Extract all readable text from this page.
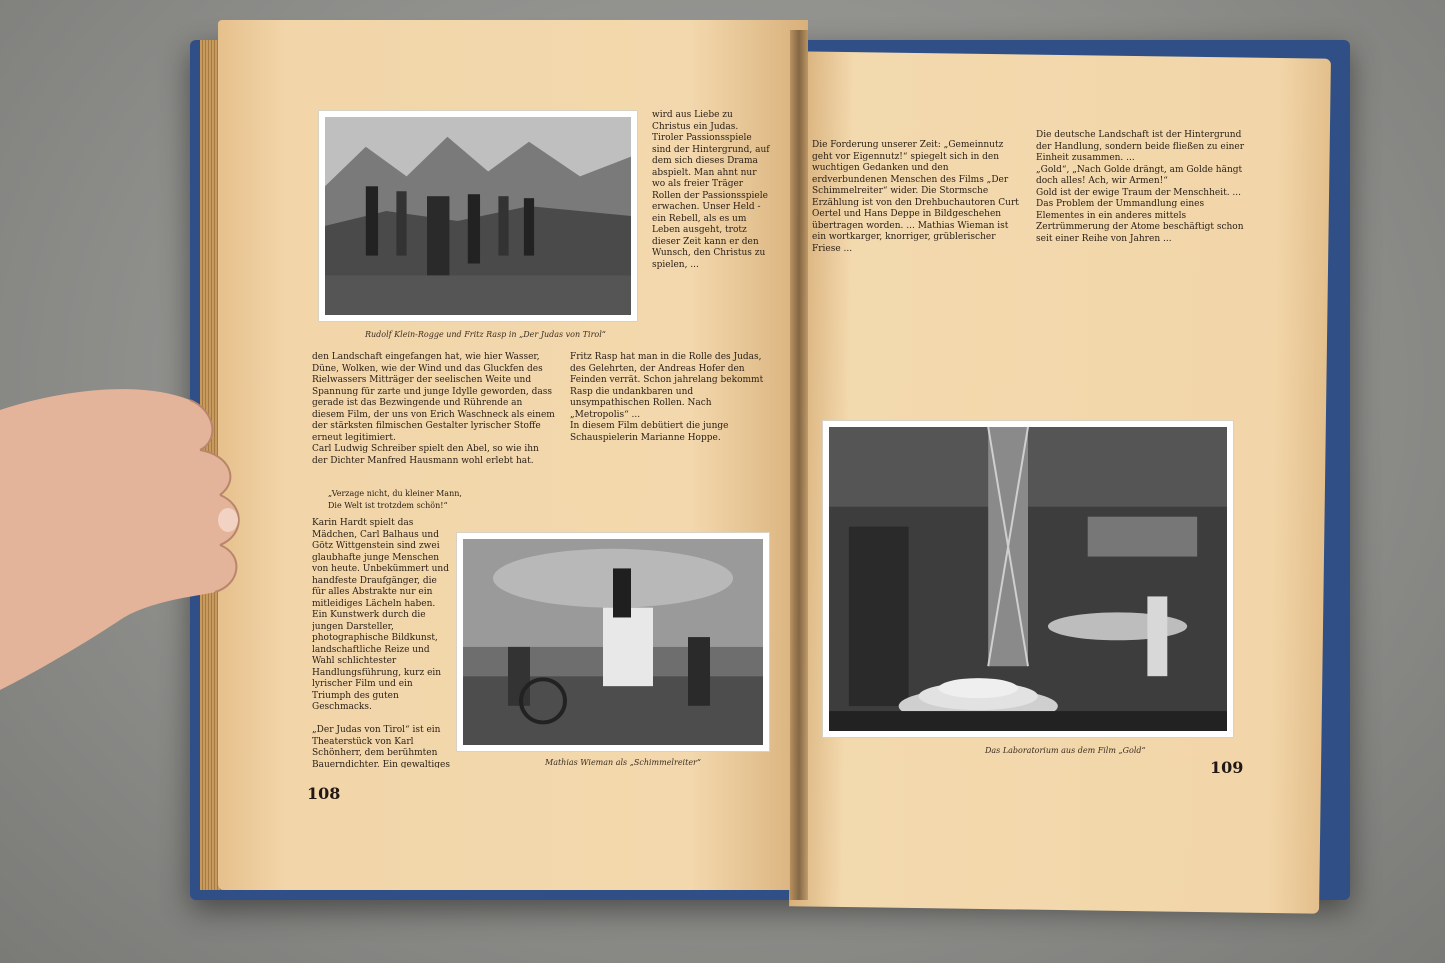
Rudolf Klein-Rogge und Fritz Rasp in „Der Judas von Tirol“
wird aus Liebe zu Christus ein Judas. Tiroler Passionsspiele sind der Hintergrund, auf dem sich dieses Drama abspielt. Man ahnt nur wo als freier Träger Rollen der Passionsspiele erwachen. Unser Held - ein Rebell, als es um Leben ausgeht, trotz dieser Zeit kann er den Wunsch, den Christus zu spielen, ...
den Landschaft eingefangen hat, wie hier Wasser, Düne, Wolken, wie der Wind und das Gluckfen des Rielwassers Mitträger der seelischen Weite und Spannung für zarte und junge Idylle geworden, dass gerade ist das Bezwingende und Rührende an diesem Film, der uns von Erich Waschneck als einem der stärksten filmischen Gestalter lyrischer Stoffe erneut legitimiert.
Carl Ludwig Schreiber spielt den Abel, so wie ihn der Dichter Manfred Hausmann wohl erlebt hat.
Fritz Rasp hat man in die Rolle des Judas, des Gelehrten, der Andreas Hofer den Feinden verrät. Schon jahrelang bekommt Rasp die undankbaren und unsympathischen Rollen. Nach „Metropolis“ ...
In diesem Film debütiert die junge Schauspielerin Marianne Hoppe.
„Verzage nicht, du kleiner Mann,
Die Welt ist trotzdem schön!“
Karin Hardt spielt das Mädchen, Carl Balhaus und Götz Wittgenstein sind zwei glaubhafte junge Menschen von heute. Unbekümmert und handfeste Draufgänger, die für alles Abstrakte nur ein mitleidiges Lächeln haben.
Ein Kunstwerk durch die jungen Darsteller, photographische Bildkunst, landschaftliche Reize und Wahl schlichtester Handlungsführung, kurz ein lyrischer Film und ein Triumph des guten Geschmacks.

„Der Judas von Tirol“ ist ein Theaterstück von Karl Schönherr, dem berühmten Bauerndichter. Ein gewaltiges	Mathias Wieman als „Schimmelreiter“
108
Die Forderung unserer Zeit: „Gemeinnutz geht vor Eigennutz!“ spiegelt sich in den wuchtigen Gedanken und den erdverbundenen Menschen des Films „Der Schimmelreiter“ wider. Die Stormsche Erzählung ist von den Drehbuchautoren Curt Oertel und Hans Deppe in Bildgeschehen übertragen worden. ... Mathias Wieman ist ein wortkarger, knorriger, grüblerischer Friese ...
Die deutsche Landschaft ist der Hintergrund der Handlung, sondern beide fließen zu einer Einheit zusammen. ...
„Gold“, „Nach Golde drängt, am Golde hängt doch alles! Ach, wir Armen!“
Gold ist der ewige Traum der Menschheit. ...
Das Problem der Ummandlung eines Elementes in ein anderes mittels Zertrümmerung der Atome beschäftigt schon seit einer Reihe von Jahren ...
Das Laboratorium aus dem Film „Gold“
109
